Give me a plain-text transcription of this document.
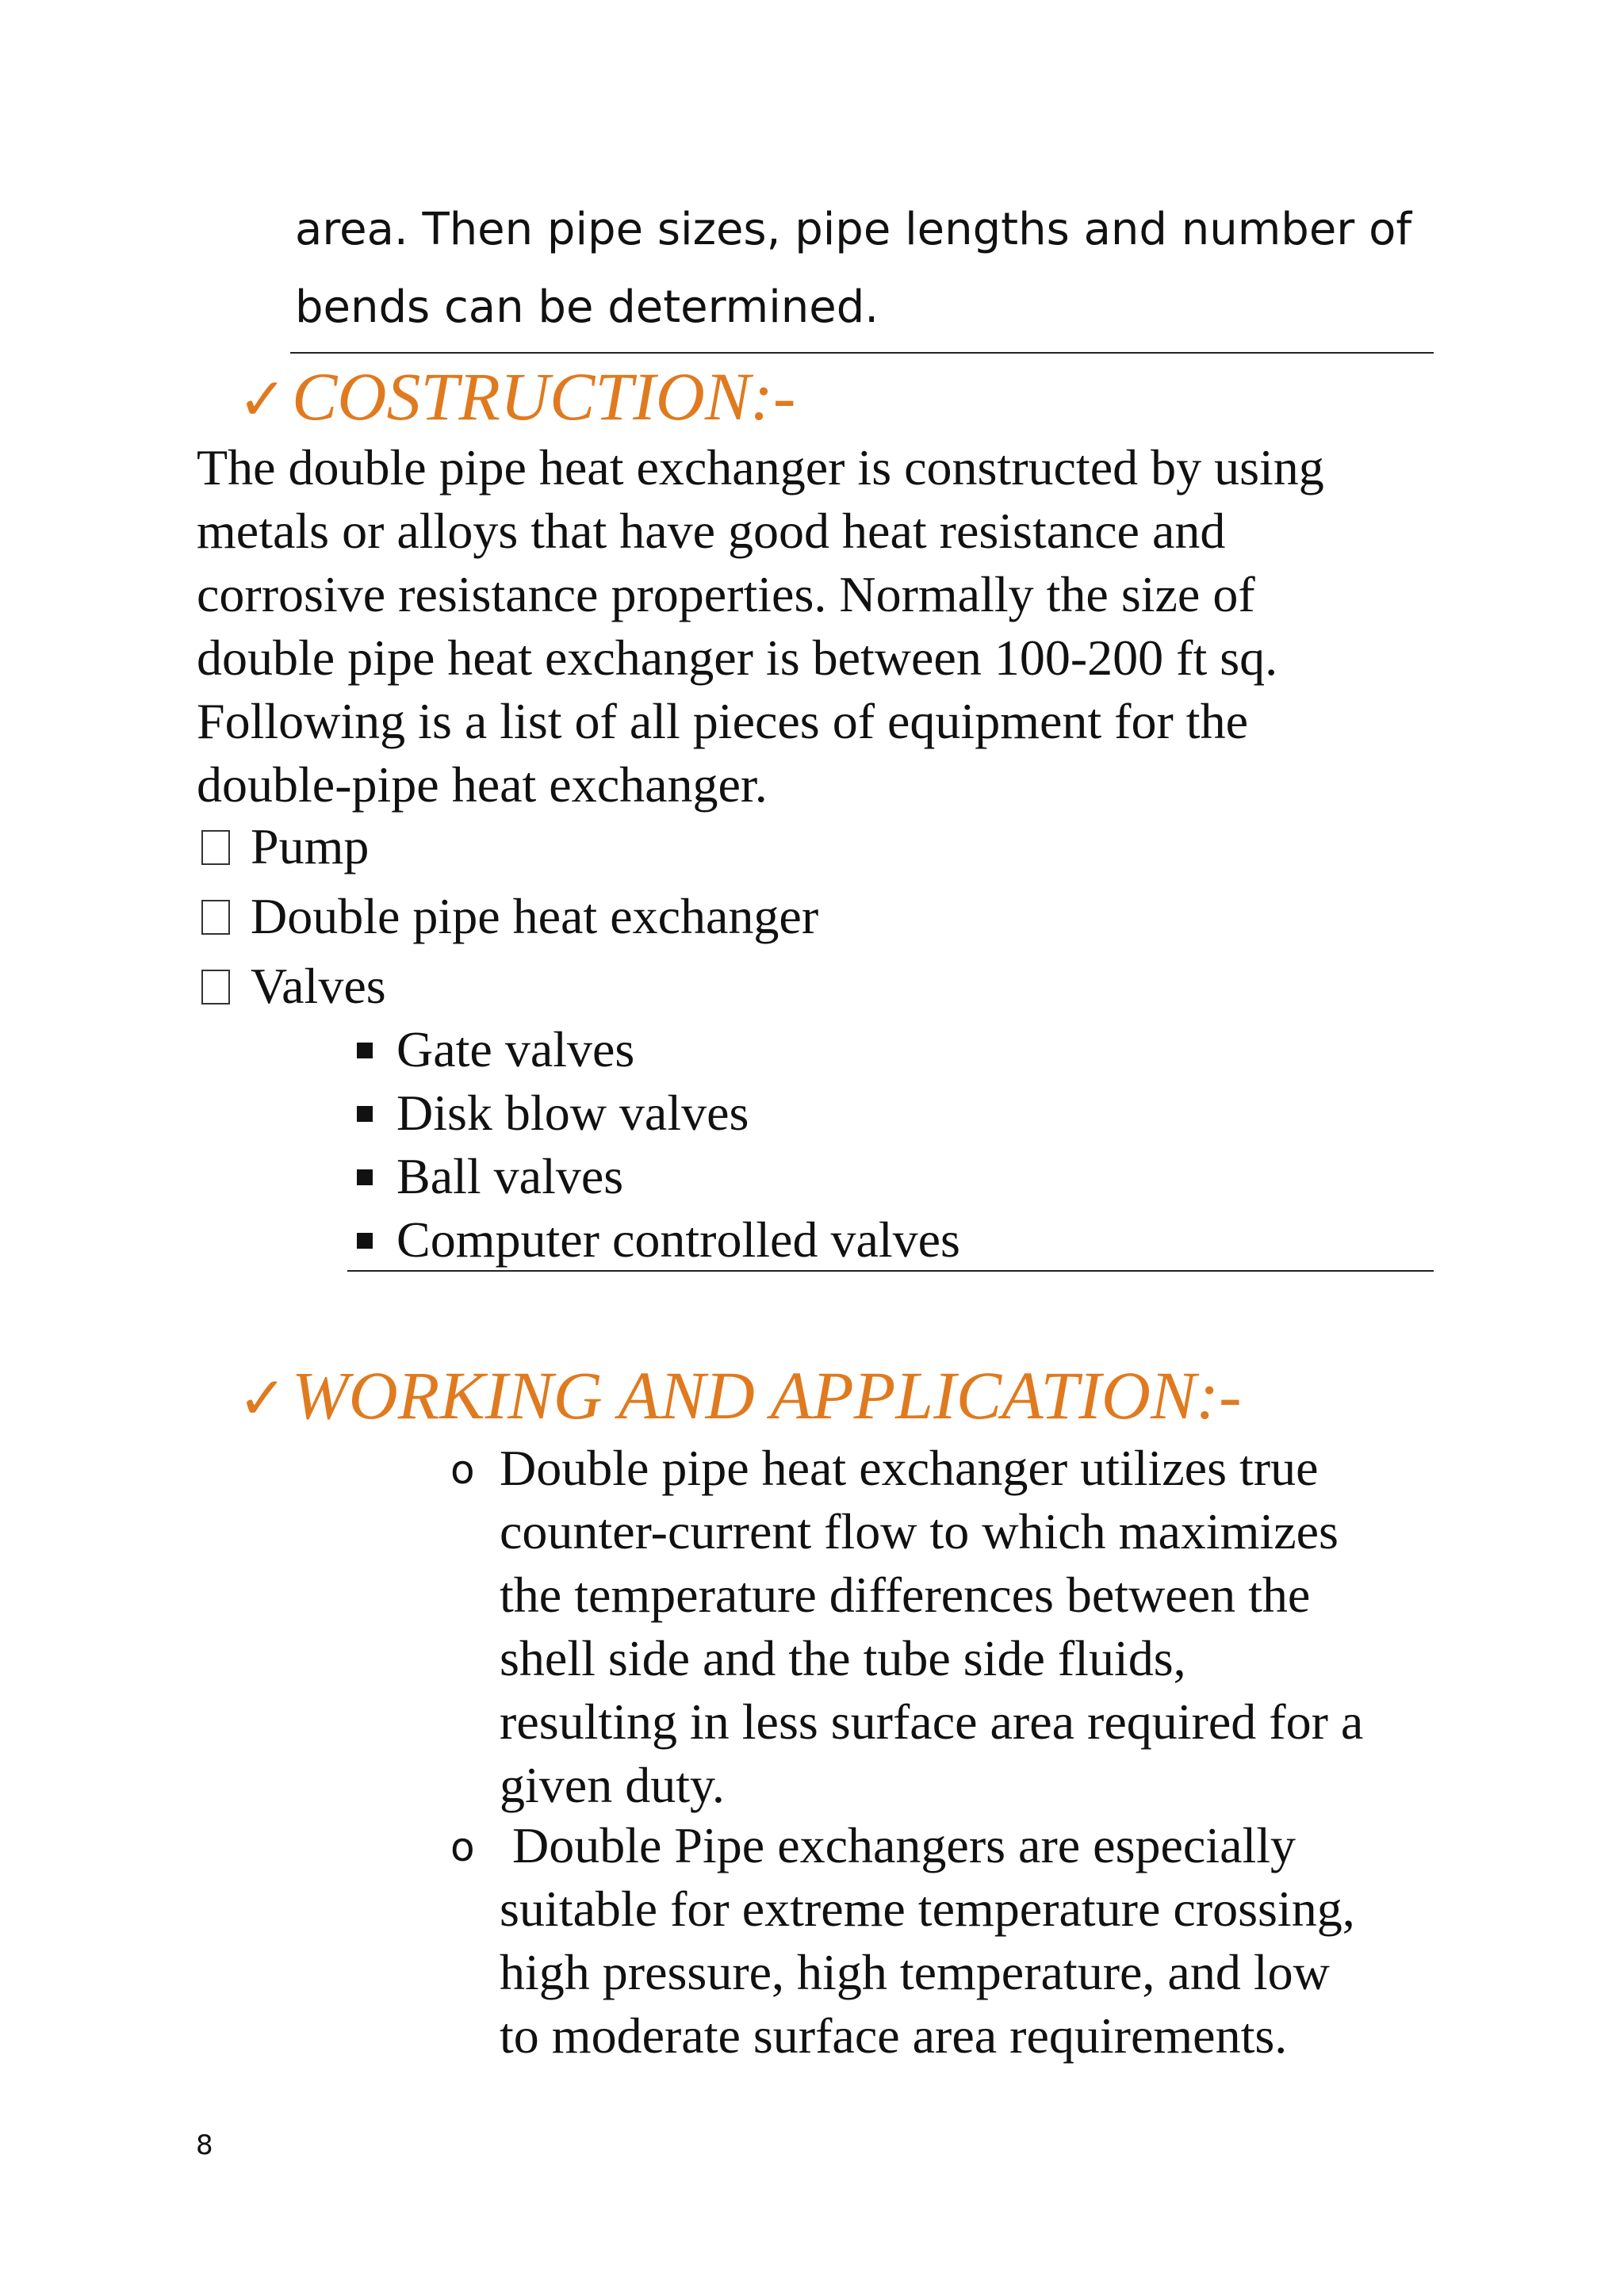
area. Then pipe sizes, pipe lengths and number of
bends can be determined.
✓COSTRUCTION:-
The double pipe heat exchanger is constructed by using
metals or alloys that have good heat resistance and
corrosive resistance properties. Normally the size of
double pipe heat exchanger is between 100-200 ft sq.
Following is a list of all pieces of equipment for the
double-pipe heat exchanger.
Pump
Double pipe heat exchanger
Valves
Gate valves
Disk blow valves
Ball valves
Computer controlled valves
✓WORKING AND APPLICATION:-
o Double pipe heat exchanger utilizes true
counter-current flow to which maximizes
the temperature differences between the
shell side and the tube side fluids,
resulting in less surface area required for a
given duty.
o Double Pipe exchangers are especially
suitable for extreme temperature crossing,
high pressure, high temperature, and low
to moderate surface area requirements.
8
